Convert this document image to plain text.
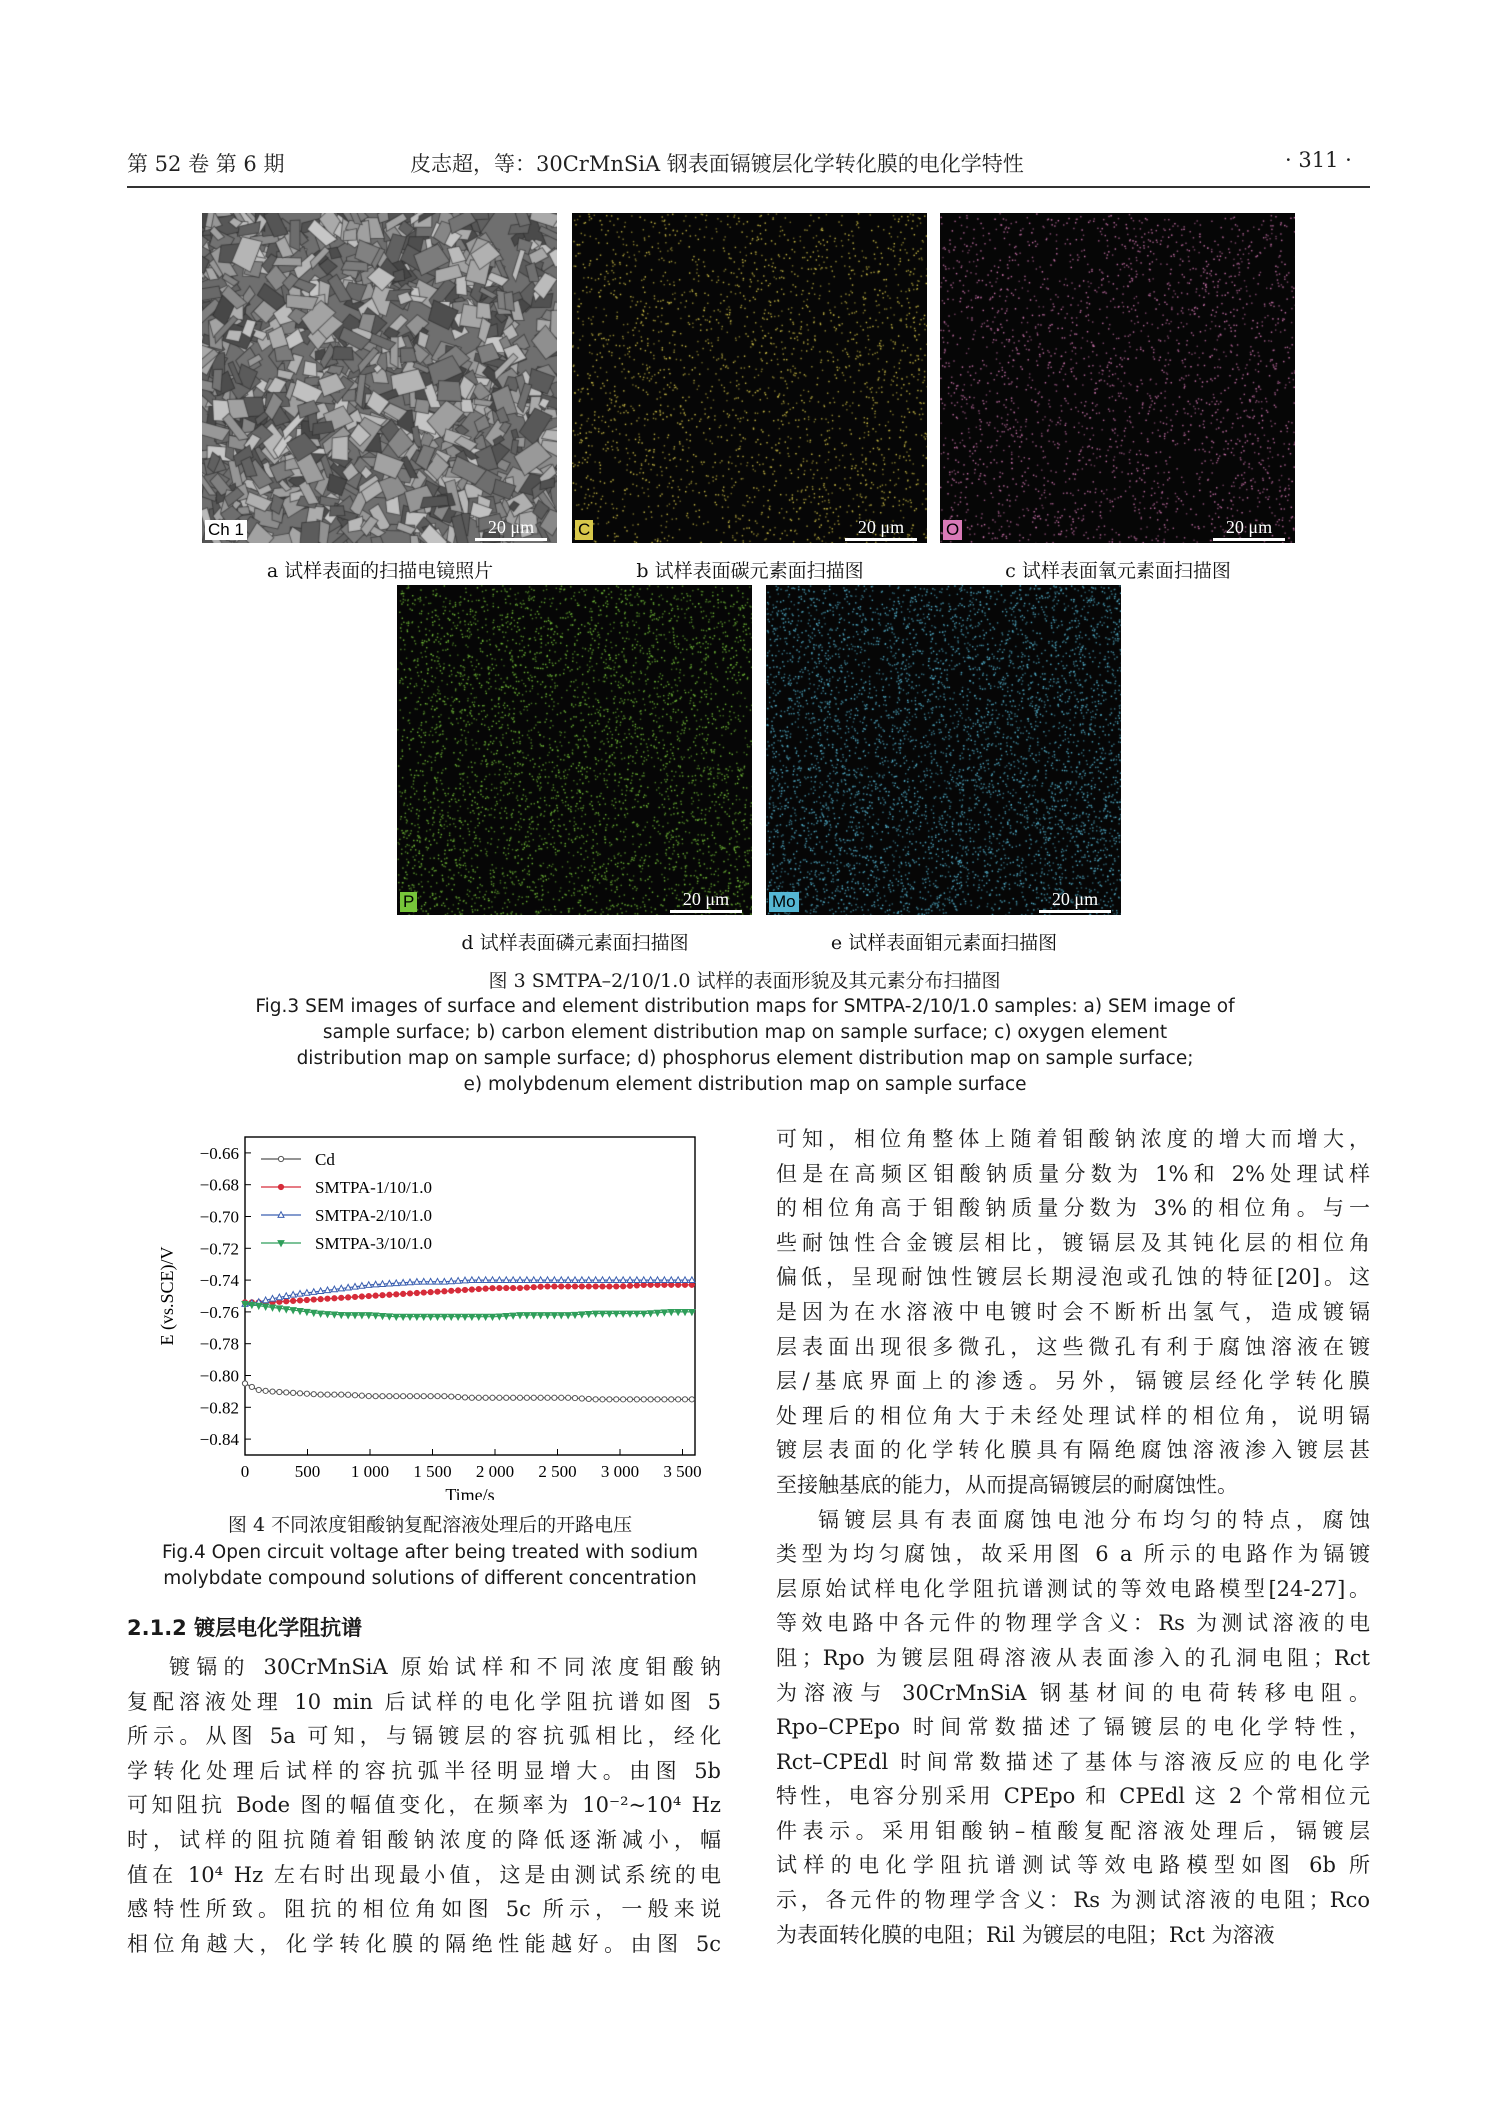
第 52 卷 第 6 期	皮志超，等：30CrMnSiA 钢表面镉镀层化学转化膜的电化学特性	· 311 ·
Ch 1	20 μm	C	20 μm	O	20 μm
a 试样表面的扫描电镜照片	b 试样表面碳元素面扫描图	c 试样表面氧元素面扫描图
P	20 μm	Mo	20 μm
d 试样表面磷元素面扫描图	e 试样表面钼元素面扫描图
图 3 SMTPA–2/10/1.0 试样的表面形貌及其元素分布扫描图
Fig.3 SEM images of surface and element distribution maps for SMTPA-2/10/1.0 samples: a) SEM image of
sample surface; b) carbon element distribution map on sample surface; c) oxygen element
distribution map on sample surface; d) phosphorus element distribution map on sample surface;
e) molybdenum element distribution map on sample surface
0	500 1 000 1 500 2 000 2 500 3 000 3 500
−0.66
−0.68
−0.70
−0.72
−0.74
−0.76
−0.78
−0.80
−0.82
−0.84
Time/s
E (vs.SCE)/V
Cd
SMTPA-1/10/1.0
SMTPA-2/10/1.0
SMTPA-3/10/1.0
图 4 不同浓度钼酸钠复配溶液处理后的开路电压
Fig.4 Open circuit voltage after being treated with sodium
molybdate compound solutions of different concentration
2.1.2 镀层电化学阻抗谱
镀镉的 30CrMnSiA 原始试样和不同浓度钼酸钠
复配溶液处理 10 min 后试样的电化学阻抗谱如图 5
所示。从图 5a 可知，与镉镀层的容抗弧相比，经化
学转化处理后试样的容抗弧半径明显增大。由图 5b
可知阻抗 Bode 图的幅值变化，在频率为 10⁻²~10⁴ Hz
时，试样的阻抗随着钼酸钠浓度的降低逐渐减小，幅
值在 10⁴ Hz 左右时出现最小值，这是由测试系统的电
感特性所致。阻抗的相位角如图 5c 所示，一般来说
相位角越大，化学转化膜的隔绝性能越好。由图 5c
可知，相位角整体上随着钼酸钠浓度的增大而增大，
但是在高频区钼酸钠质量分数为 1%和 2%处理试样
的相位角高于钼酸钠质量分数为 3%的相位角。与一
些耐蚀性合金镀层相比，镀镉层及其钝化层的相位角
偏低，呈现耐蚀性镀层长期浸泡或孔蚀的特征[20]。这
是因为在水溶液中电镀时会不断析出氢气，造成镀镉
层表面出现很多微孔，这些微孔有利于腐蚀溶液在镀
层/基底界面上的渗透。另外，镉镀层经化学转化膜
处理后的相位角大于未经处理试样的相位角，说明镉
镀层表面的化学转化膜具有隔绝腐蚀溶液渗入镀层甚
至接触基底的能力，从而提高镉镀层的耐腐蚀性。
镉镀层具有表面腐蚀电池分布均匀的特点，腐蚀
类型为均匀腐蚀，故采用图 6 a 所示的电路作为镉镀
层原始试样电化学阻抗谱测试的等效电路模型[24-27]。
等效电路中各元件的物理学含义：Rs 为测试溶液的电
阻；Rpo 为镀层阻碍溶液从表面渗入的孔洞电阻；Rct
为溶液与 30CrMnSiA 钢基材间的电荷转移电阻。
Rpo–CPEpo 时间常数描述了镉镀层的电化学特性，
Rct–CPEdl 时间常数描述了基体与溶液反应的电化学
特性，电容分别采用 CPEpo 和 CPEdl 这 2 个常相位元
件表示。采用钼酸钠–植酸复配溶液处理后，镉镀层
试样的电化学阻抗谱测试等效电路模型如图 6b 所
示，各元件的物理学含义：Rs 为测试溶液的电阻；Rco
为表面转化膜的电阻；Ril 为镀层的电阻；Rct 为溶液
